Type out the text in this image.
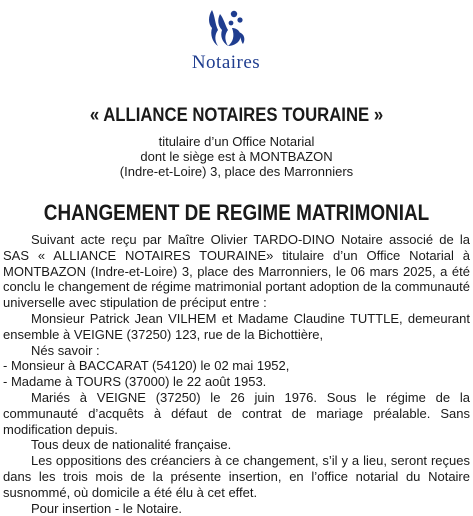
Notaires
« ALLIANCE NOTAIRES TOURAINE »
titulaire d’un Office Notarial
dont le siège est à MONTBAZON
(Indre-et-Loire) 3, place des Marronniers
CHANGEMENT DE REGIME MATRIMONIAL

Suivant acte reçu par Maître Olivier TARDO-DINO Notaire associé de la SAS « ALLIANCE NOTAIRES TOURAINE» titulaire d’un Office Notarial à MONTBAZON (Indre-et-Loire) 3, place des Marronniers, le 06 mars 2025, a été conclu le changement de régime matrimonial portant adoption de la communauté universelle avec stipulation de préciput entre :

Monsieur Patrick Jean VILHEM et Madame Claudine TUTTLE, demeurant ensemble à VEIGNE (37250) 123, rue de la Bichottière,

Nés savoir :

- Monsieur à BACCARAT (54120) le 02 mai 1952,

- Madame à TOURS (37000) le 22 août 1953.

Mariés à VEIGNE (37250) le 26 juin 1976. Sous le régime de la communauté d’acquêts à défaut de contrat de mariage préalable. Sans modification depuis.

Tous deux de nationalité française.

Les oppositions des créanciers à ce changement, s’il y a lieu, seront reçues dans les trois mois de la présente insertion, en l’office notarial du Notaire susnommé, où domicile a été élu à cet effet.

Pour insertion - le Notaire.
